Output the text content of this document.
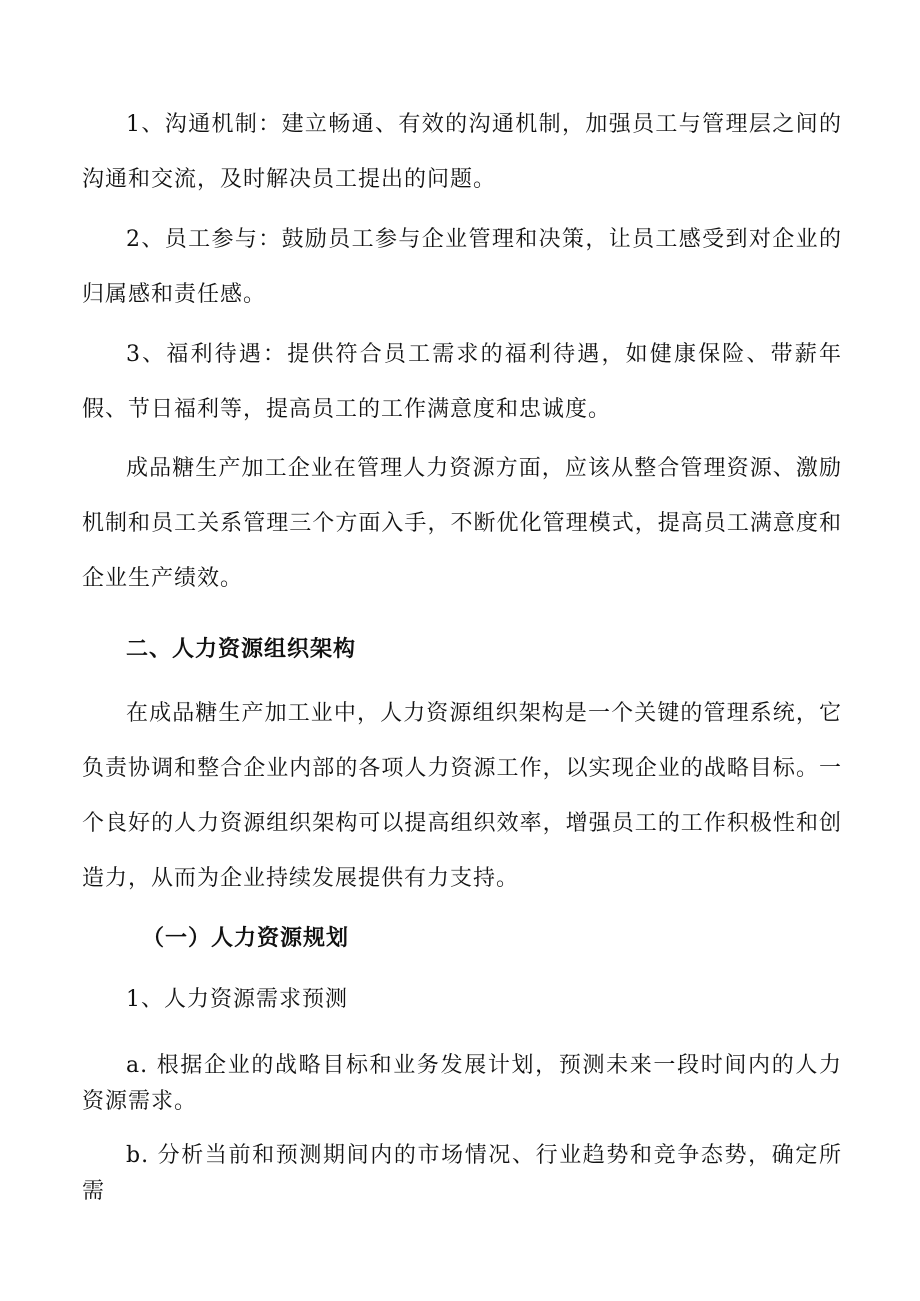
1、沟通机制：建立畅通、有效的沟通机制，加强员工与管理层之间的沟通和交流，及时解决员工提出的问题。

2、员工参与：鼓励员工参与企业管理和决策，让员工感受到对企业的归属感和责任感。

3、福利待遇：提供符合员工需求的福利待遇，如健康保险、带薪年假、节日福利等，提高员工的工作满意度和忠诚度。

成品糖生产加工企业在管理人力资源方面，应该从整合管理资源、激励机制和员工关系管理三个方面入手，不断优化管理模式，提高员工满意度和企业生产绩效。

二、人力资源组织架构

在成品糖生产加工业中，人力资源组织架构是一个关键的管理系统，它负责协调和整合企业内部的各项人力资源工作，以实现企业的战略目标。一个良好的人力资源组织架构可以提高组织效率，增强员工的工作积极性和创造力，从而为企业持续发展提供有力支持。

（一）人力资源规划

1、人力资源需求预测

a. 根据企业的战略目标和业务发展计划，预测未来一段时间内的人力资源需求。

b. 分析当前和预测期间内的市场情况、行业趋势和竞争态势，确定所需
